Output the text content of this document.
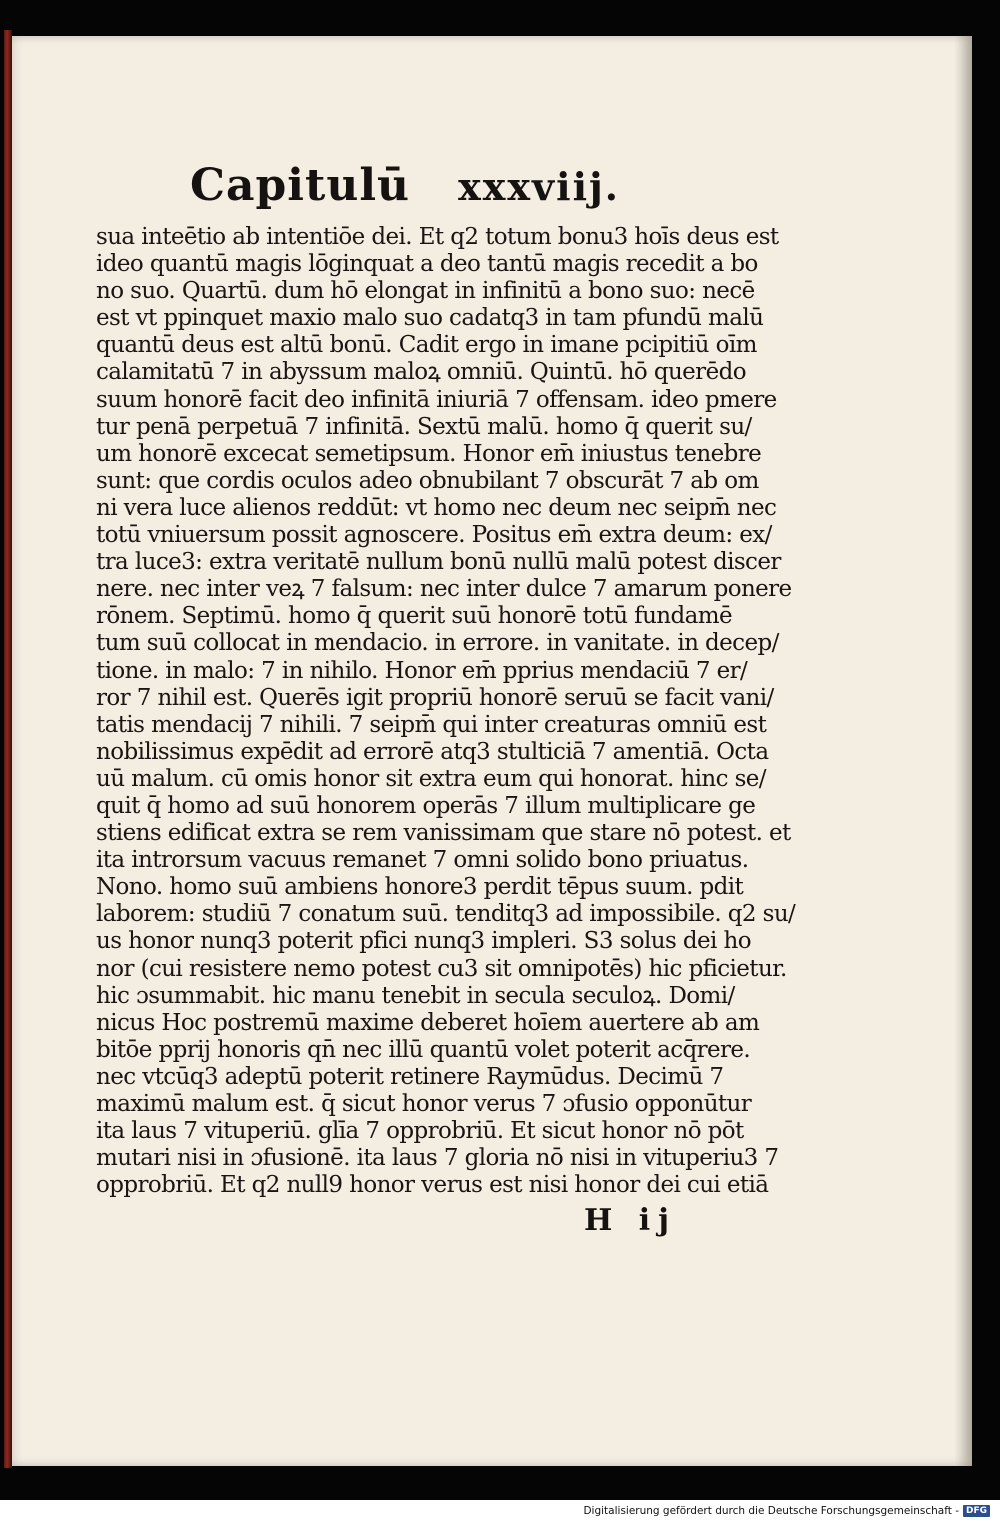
Capitulū xxxviij.
sua inteētio ab intentiōe dei. Et q2 totum bonu3 hoīs deus est
ideo quantū magis lōginquat a deo tantū magis recedit a bo
no suo. Quartū. dum hō elongat in infinitū a bono suo: necē
est vt ppinquet maxio malo suo cadatq3 in tam pfundū malū
quantū deus est altū bonū. Cadit ergo in imane pcipitiū oīm
calamitatū 7 in abyssum maloꝝ omniū. Quintū. hō querēdo
suum honorē facit deo infinitā iniuriā 7 offensam. ideo pmere
tur penā perpetuā 7 infinitā. Sextū malū. homo q̄ querit su/
um honorē excecat semetipsum. Honor em̄ iniustus tenebre
sunt: que cordis oculos adeo obnubilant 7 obscurāt 7 ab om
ni vera luce alienos reddūt: vt homo nec deum nec seipm̄ nec
totū vniuersum possit agnoscere. Positus em̄ extra deum: ex/
tra luce3: extra veritatē nullum bonū nullū malū potest discer
nere. nec inter veꝝ 7 falsum: nec inter dulce 7 amarum ponere
rōnem. Septimū. homo q̄ querit suū honorē totū fundamē
tum suū collocat in mendacio. in errore. in vanitate. in decep/
tione. in malo: 7 in nihilo. Honor em̄ pprius mendaciū 7 er/
ror 7 nihil est. Querēs igit propriū honorē seruū se facit vani/
tatis mendacij 7 nihili. 7 seipm̄ qui inter creaturas omniū est
nobilissimus expēdit ad errorē atq3 stulticiā 7 amentiā. Octa
uū malum. cū omis honor sit extra eum qui honorat. hinc se/
quit q̄ homo ad suū honorem operās 7 illum multiplicare ge
stiens edificat extra se rem vanissimam que stare nō potest. et
ita introrsum vacuus remanet 7 omni solido bono priuatus.
Nono. homo suū ambiens honore3 perdit tēpus suum. pdit
laborem: studiū 7 conatum suū. tenditq3 ad impossibile. q2 su/
us honor nunq3 poterit pfici nunq3 impleri. S3 solus dei ho
nor (cui resistere nemo potest cu3 sit omnipotēs) hic pficietur.
hic ɔsummabit. hic manu tenebit in secula seculoꝝ. Domi/
nicus Hoc postremū maxime deberet hoīem auertere ab am
bitōe pprij honoris qn̄ nec illū quantū volet poterit acq̄rere.
nec vtcūq3 adeptū poterit retinere Raymūdus. Decimū 7
maximū malum est. q̄ sicut honor verus 7 ɔfusio opponūtur
ita laus 7 vituperiū. glīa 7 opprobriū. Et sicut honor nō pōt
mutari nisi in ɔfusionē. ita laus 7 gloria nō nisi in vituperiu3 7
opprobriū. Et q2 null9 honor verus est nisi honor dei cui etiā
H ij
Digitalisierung gefördert durch die Deutsche Forschungsgemeinschaft - DFG
